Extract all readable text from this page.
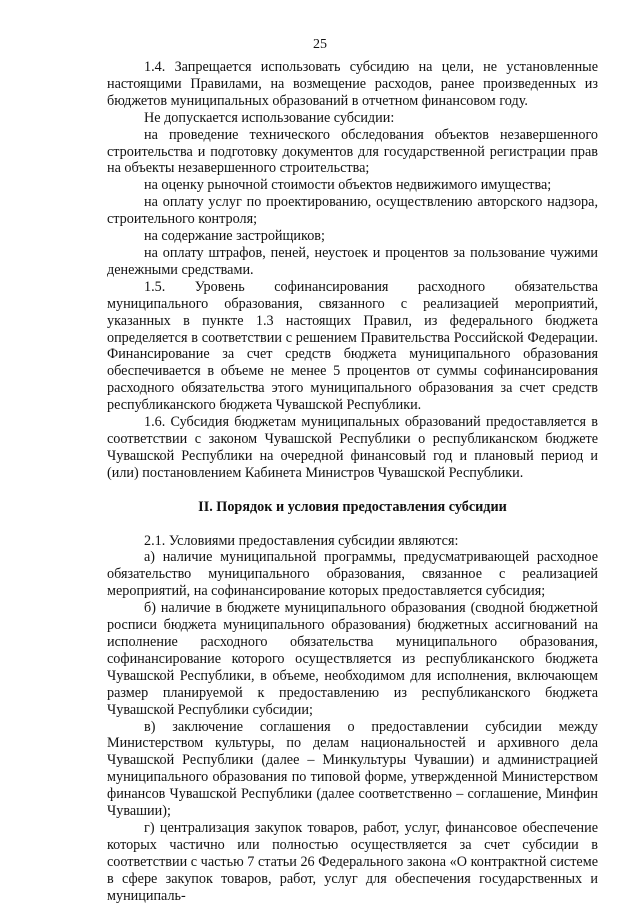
25

1.4. Запрещается использовать субсидию на цели, не установленные настоящими Правилами, на возмещение расходов, ранее произведенных из бюджетов муниципальных образований в отчетном финансовом году.

Не допускается использование субсидии:

на проведение технического обследования объектов незавершенного строительства и подготовку документов для государственной регистрации прав на объекты незавершенного строительства;

на оценку рыночной стоимости объектов недвижимого имущества;

на оплату услуг по проектированию, осуществлению авторского надзора, строительного контроля;

на содержание застройщиков;

на оплату штрафов, пеней, неустоек и процентов за пользование чужими денежными средствами.

1.5. Уровень софинансирования расходного обязательства муниципального образования, связанного с реализацией мероприятий, указанных в пункте 1.3 настоящих Правил, из федерального бюджета определяется в соответствии с решением Правительства Российской Федерации. Финансирование за счет средств бюджета муниципального образования обеспечивается в объеме не менее 5 процентов от суммы софинансирования расходного обязательства этого муниципального образования за счет средств республиканского бюджета Чувашской Республики.

1.6. Субсидия бюджетам муниципальных образований предоставляется в соответствии с законом Чувашской Республики о республиканском бюджете Чувашской Республики на очередной финансовый год и плановый период и (или) постановлением Кабинета Министров Чувашской Республики.

II. Порядок и условия предоставления субсидии

2.1. Условиями предоставления субсидии являются:

а) наличие муниципальной программы, предусматривающей расходное обязательство муниципального образования, связанное с реализацией мероприятий, на софинансирование которых предоставляется субсидия;

б) наличие в бюджете муниципального образования (сводной бюджетной росписи бюджета муниципального образования) бюджетных ассигнований на исполнение расходного обязательства муниципального образования, софинансирование которого осуществляется из республиканского бюджета Чувашской Республики, в объеме, необходимом для исполнения, включающем размер планируемой к предоставлению из республиканского бюджета Чувашской Республики субсидии;

в) заключение соглашения о предоставлении субсидии между Министерством культуры, по делам национальностей и архивного дела Чувашской Республики (далее – Минкультуры Чувашии) и администрацией муниципального образования по типовой форме, утвержденной Министерством финансов Чувашской Республики (далее соответственно – соглашение, Минфин Чувашии);

г) централизация закупок товаров, работ, услуг, финансовое обеспечение которых частично или полностью осуществляется за счет субсидии в соответствии с частью 7 статьи 26 Федерального закона «О контрактной системе в сфере закупок товаров, работ, услуг для обеспечения государственных и муниципаль-
